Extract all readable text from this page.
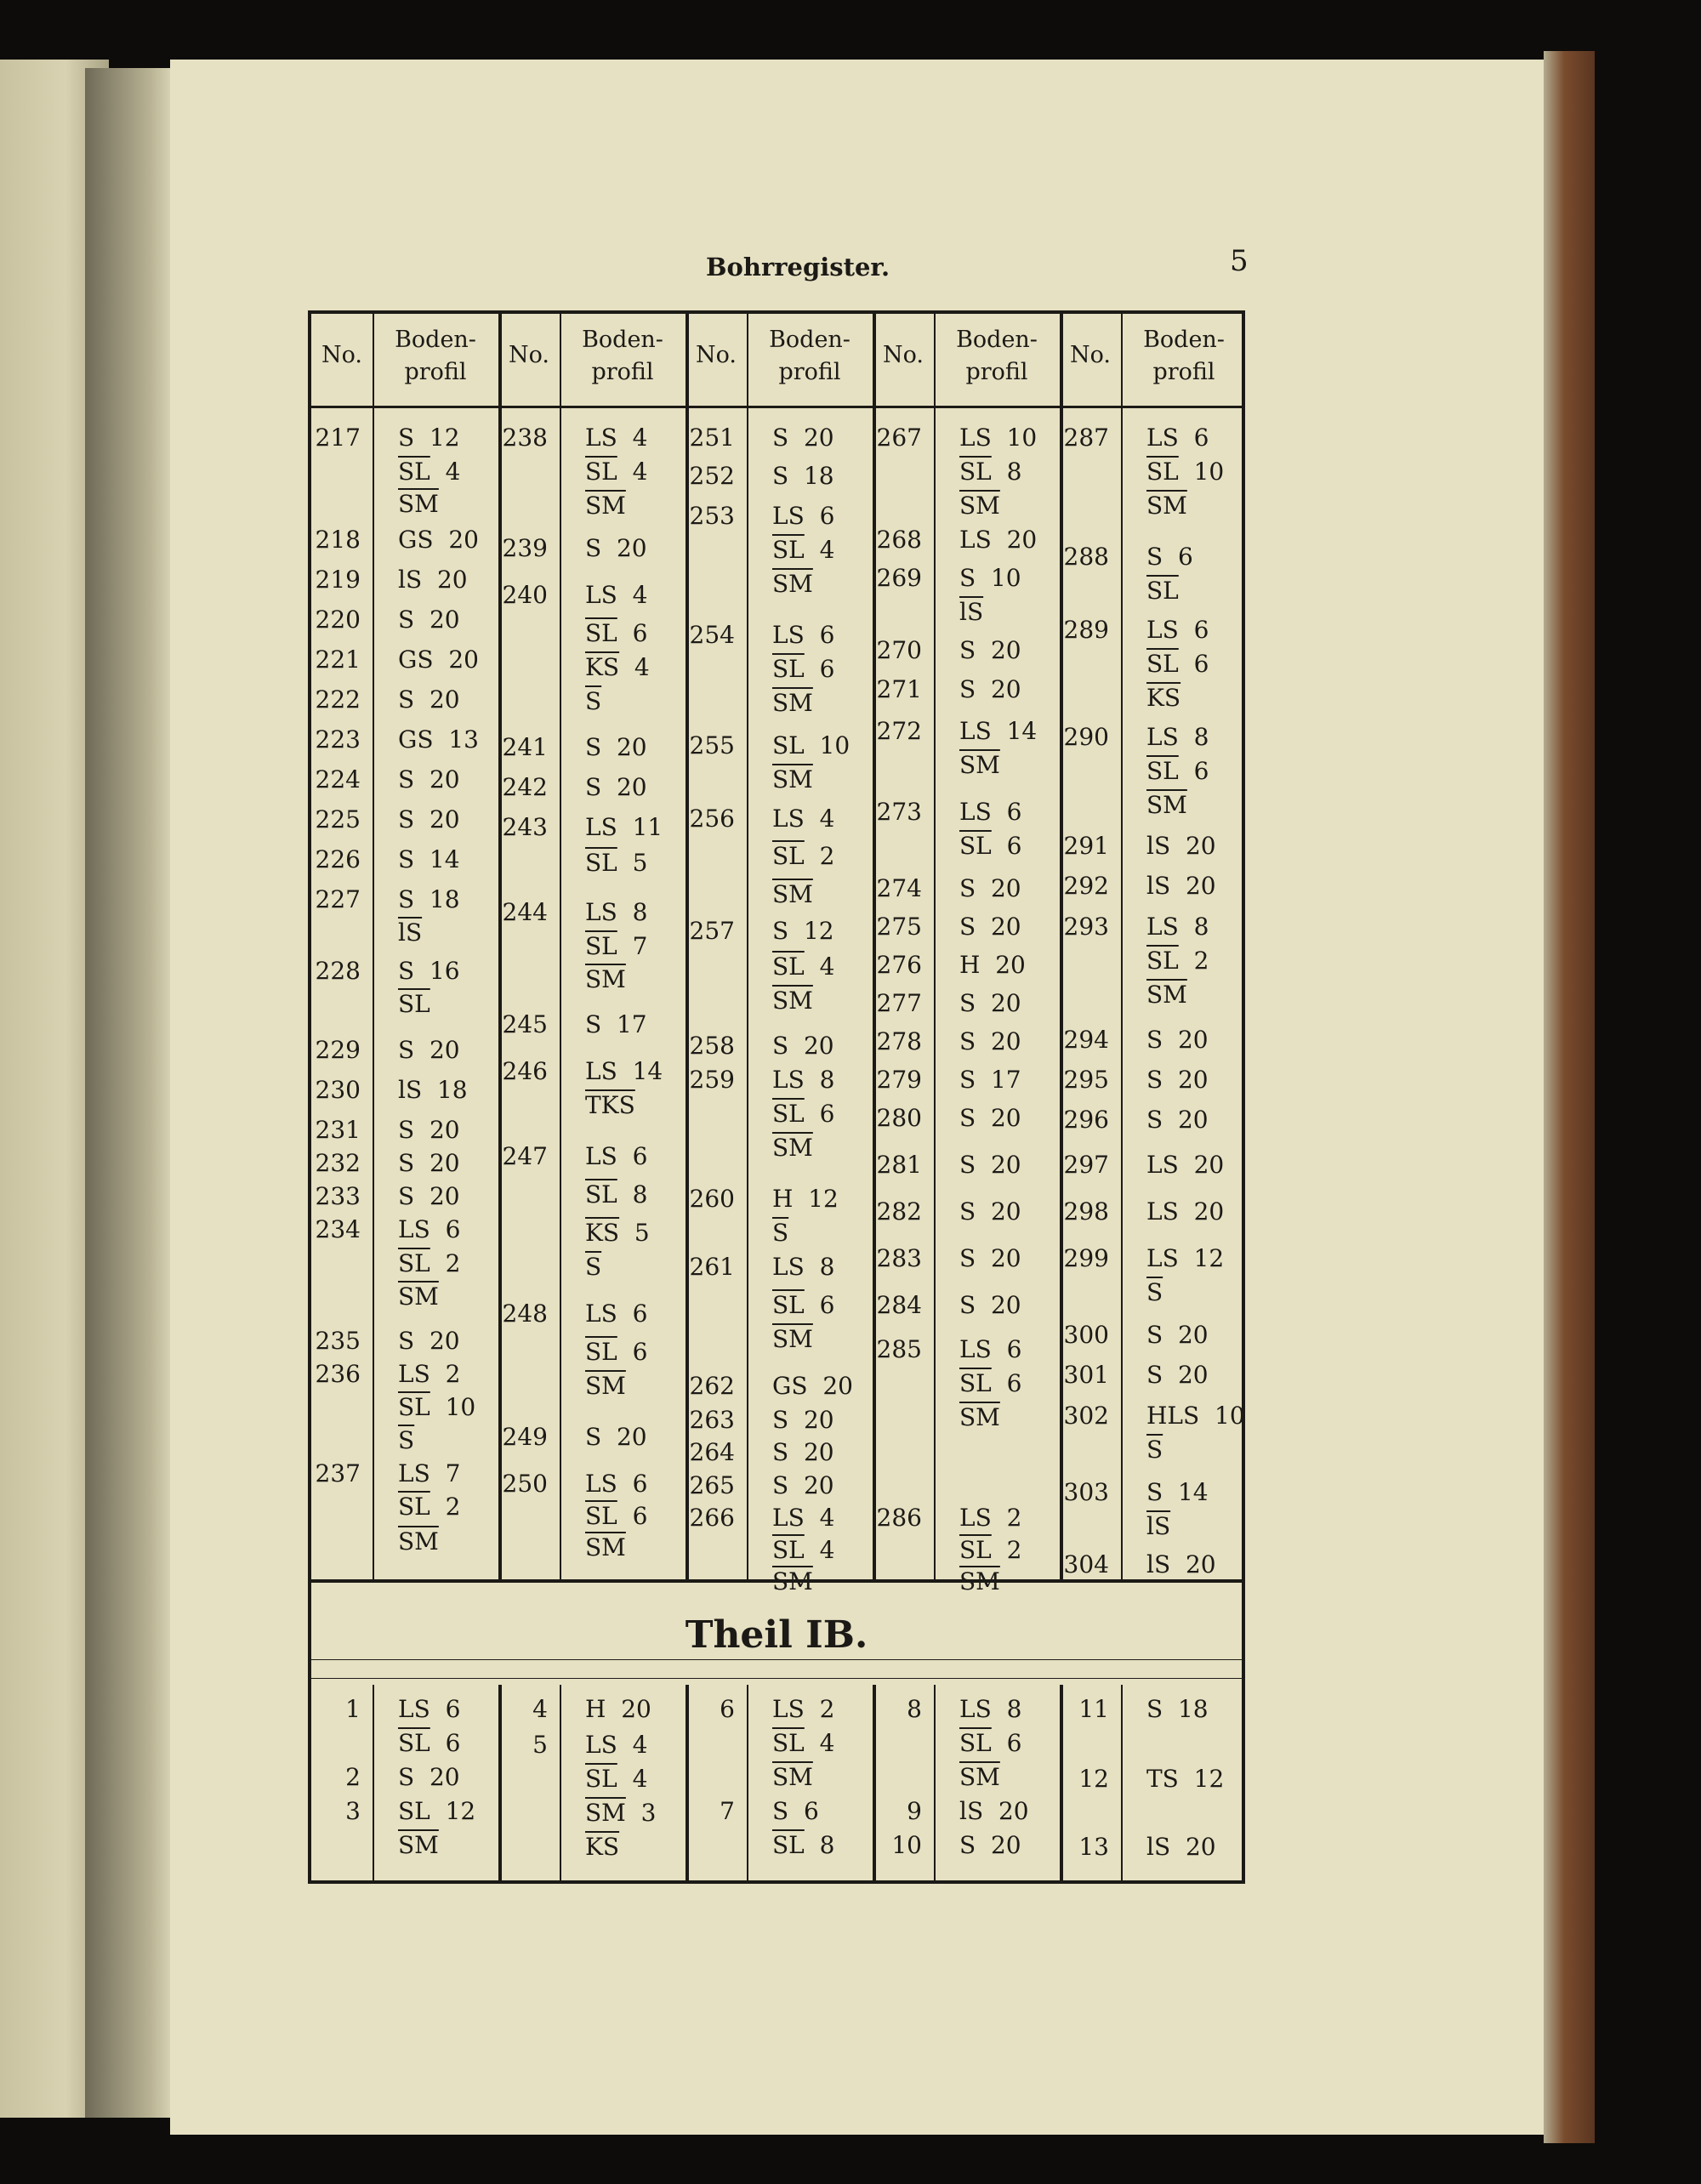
Bohrregister.	5
Theil IB.
No.
Boden-
profil
No.
Boden-
profil
No.
Boden-
profil
No.
Boden-
profil
No.
Boden-
profil
217 S  12
$\overline{SL}$  4
$\overline{SM}$
218 GS  20
219 lS  20
220 S  20
221 GS  20
222 S  20
223 GS  13
224 S  20
225 S  20
226 S  14
227 S  18
$\overline{lS}$
228 S  16
$\overline{SL}$
229 S  20
230 lS  18
231 S  20
232 S  20
233 S  20
234 LS  6
$\overline{SL}$  2
$\overline{SM}$
235 S  20
236 LS  2
$\overline{SL}$  10
$\overline{S}$
237 LS  7
$\overline{SL}$  2
$\overline{SM}$
238 LS  4
$\overline{SL}$  4
$\overline{SM}$
239 S  20
240 LS  4
$\overline{SL}$  6
$\overline{KS}$  4
$\overline{S}$
241 S  20
242 S  20
243 LS  11
$\overline{SL}$  5
244 LS  8
$\overline{SL}$  7
$\overline{SM}$
245 S  17
246 LS  14
$\overline{TKS}$
247 LS  6
$\overline{SL}$  8
$\overline{KS}$  5
$\overline{S}$
248 LS  6
$\overline{SL}$  6
$\overline{SM}$
249 S  20
250 LS  6
$\overline{SL}$  6
$\overline{SM}$
251 S  20
252 S  18
253 LS  6
$\overline{SL}$  4
$\overline{SM}$
254 LS  6
$\overline{SL}$  6
$\overline{SM}$
255 SL  10
$\overline{SM}$
256 LS  4
$\overline{SL}$  2
$\overline{SM}$
257 S  12
$\overline{SL}$  4
$\overline{SM}$
258 S  20
259 LS  8
$\overline{SL}$  6
$\overline{SM}$
260 H  12
$\overline{S}$
261 LS  8
$\overline{SL}$  6
$\overline{SM}$
262 GS  20
263 S  20
264 S  20
265 S  20
266 LS  4
$\overline{SL}$  4
$\overline{SM}$
267 LS  10
$\overline{SL}$  8
$\overline{SM}$
268 LS  20
269 S  10
$\overline{lS}$
270 S  20
271 S  20
272 LS  14
$\overline{SM}$
273 LS  6
$\overline{SL}$  6
274 S  20
275 S  20
276 H  20
277 S  20
278 S  20
279 S  17
280 S  20
281 S  20
282 S  20
283 S  20
284 S  20
285 LS  6
$\overline{SL}$  6
$\overline{SM}$
286 LS  2
$\overline{SL}$  2
$\overline{SM}$
287 LS  6
$\overline{SL}$  10
$\overline{SM}$
288 S  6
$\overline{SL}$
289 LS  6
$\overline{SL}$  6
$\overline{KS}$
290 LS  8
$\overline{SL}$  6
$\overline{SM}$
291 lS  20
292 lS  20
293 LS  8
$\overline{SL}$  2
$\overline{SM}$
294 S  20
295 S  20
296 S  20
297 LS  20
298 LS  20
299 LS  12
$\overline{S}$
300 S  20
301 S  20
302 HLS  10
$\overline{S}$
303 S  14
$\overline{lS}$
304 lS  20
1 LS  6
$\overline{SL}$  6
2 S  20
3 SL  12
$\overline{SM}$
4 H  20
5 LS  4
$\overline{SL}$  4
$\overline{SM}$  3
$\overline{KS}$
6 LS  2
$\overline{SL}$  4
$\overline{SM}$
7 S  6
$\overline{SL}$  8
8 LS  8
$\overline{SL}$  6
$\overline{SM}$
9 lS  20
10 S  20
11 S  18
12 TS  12
13 lS  20
